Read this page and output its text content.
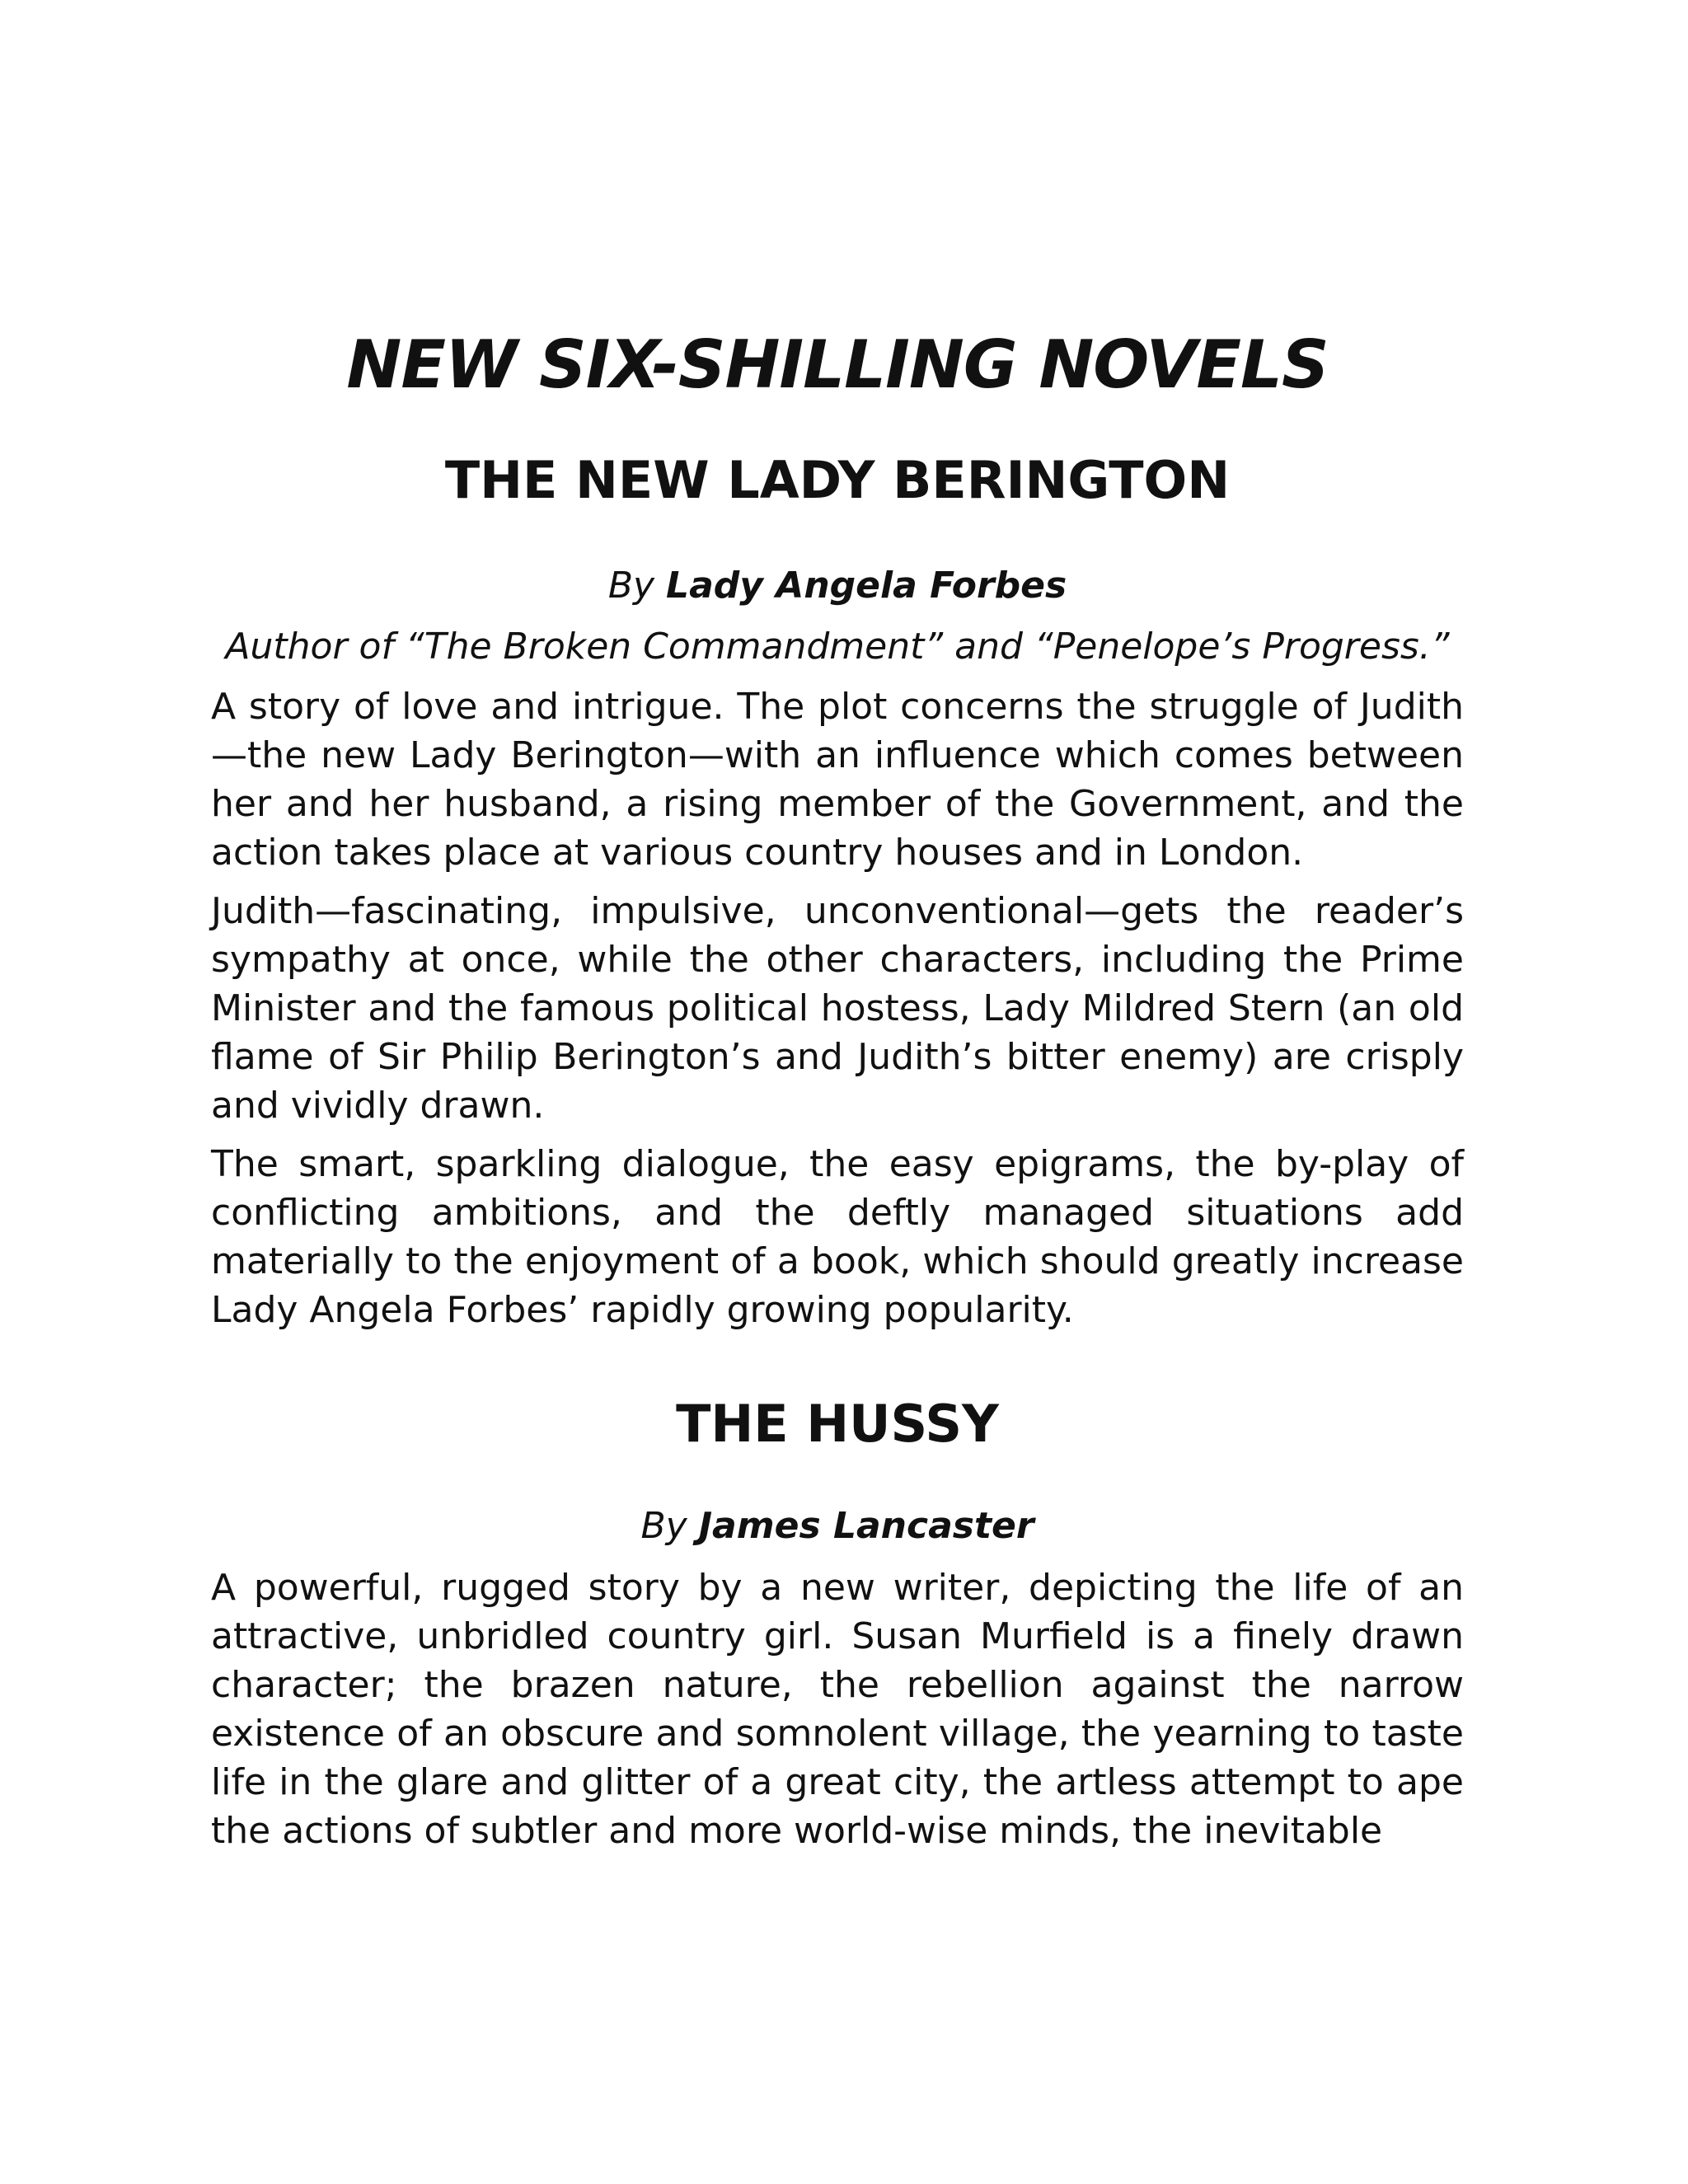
NEW SIX-SHILLING NOVELS
THE NEW LADY BERINGTON

By Lady Angela Forbes

Author of “The Broken Commandment” and “Penelope’s Progress.”

A story of love and intrigue. The plot concerns the struggle of Judith —the new Lady Berington—with an influence which comes between her and her husband, a rising member of the Government, and the action takes place at various country houses and in London.

Judith—fascinating, impulsive, unconventional—gets the reader’s sympathy at once, while the other characters, including the Prime Minister and the famous political hostess, Lady Mildred Stern (an old flame of Sir Philip Berington’s and Judith’s bitter enemy) are crisply and vividly drawn.

The smart, sparkling dialogue, the easy epigrams, the by-play of conflicting ambitions, and the deftly managed situations add materially to the enjoyment of a book, which should greatly increase Lady Angela Forbes’ rapidly growing popularity.

THE HUSSY

By James Lancaster

A powerful, rugged story by a new writer, depicting the life of an attractive, unbridled country girl. Susan Murfield is a finely drawn character; the brazen nature, the rebellion against the narrow existence of an obscure and somnolent village, the yearning to taste life in the glare and glitter of a great city, the artless attempt to ape the actions of subtler and more world-wise minds, the inevitable
